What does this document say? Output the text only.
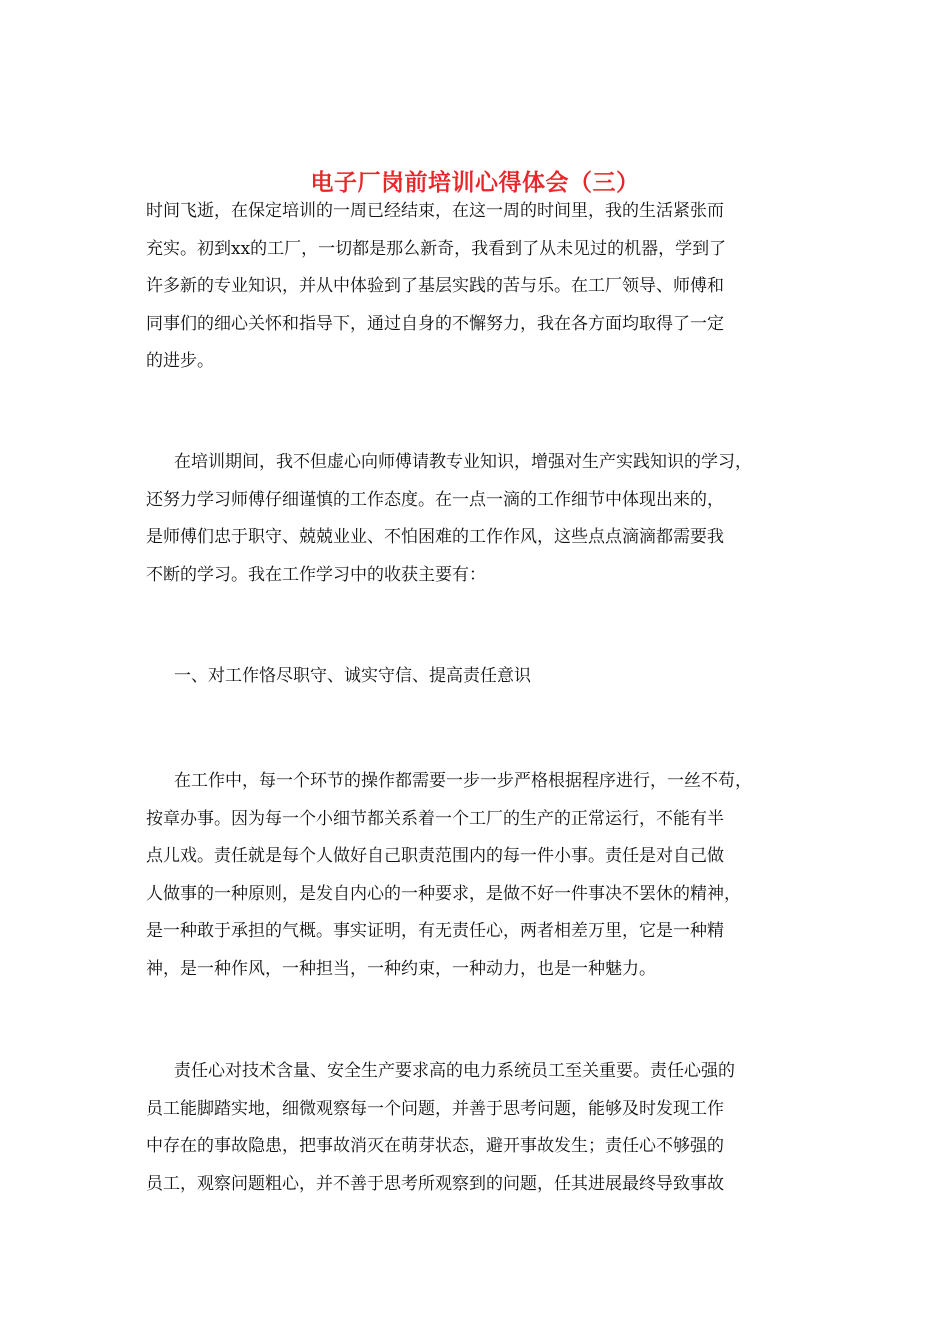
电子厂岗前培训心得体会（三）
时间飞逝，在保定培训的一周已经结束，在这一周的时间里，我的生活紧张而
充实。初到xx的工厂，一切都是那么新奇，我看到了从未见过的机器，学到了
许多新的专业知识，并从中体验到了基层实践的苦与乐。在工厂领导、师傅和
同事们的细心关怀和指导下，通过自身的不懈努力，我在各方面均取得了一定
的进步。
在培训期间，我不但虚心向师傅请教专业知识，增强对生产实践知识的学习，
还努力学习师傅仔细谨慎的工作态度。在一点一滴的工作细节中体现出来的，
是师傅们忠于职守、兢兢业业、不怕困难的工作作风，这些点点滴滴都需要我
不断的学习。我在工作学习中的收获主要有：
一、对工作恪尽职守、诚实守信、提高责任意识
在工作中，每一个环节的操作都需要一步一步严格根据程序进行，一丝不苟，
按章办事。因为每一个小细节都关系着一个工厂的生产的正常运行，不能有半
点儿戏。责任就是每个人做好自己职责范围内的每一件小事。责任是对自己做
人做事的一种原则，是发自内心的一种要求，是做不好一件事决不罢休的精神，
是一种敢于承担的气概。事实证明，有无责任心，两者相差万里，它是一种精
神，是一种作风，一种担当，一种约束，一种动力，也是一种魅力。
责任心对技术含量、安全生产要求高的电力系统员工至关重要。责任心强的
员工能脚踏实地，细微观察每一个问题，并善于思考问题，能够及时发现工作
中存在的事故隐患，把事故消灭在萌芽状态，避开事故发生；责任心不够强的
员工，观察问题粗心，并不善于思考所观察到的问题，任其进展最终导致事故
